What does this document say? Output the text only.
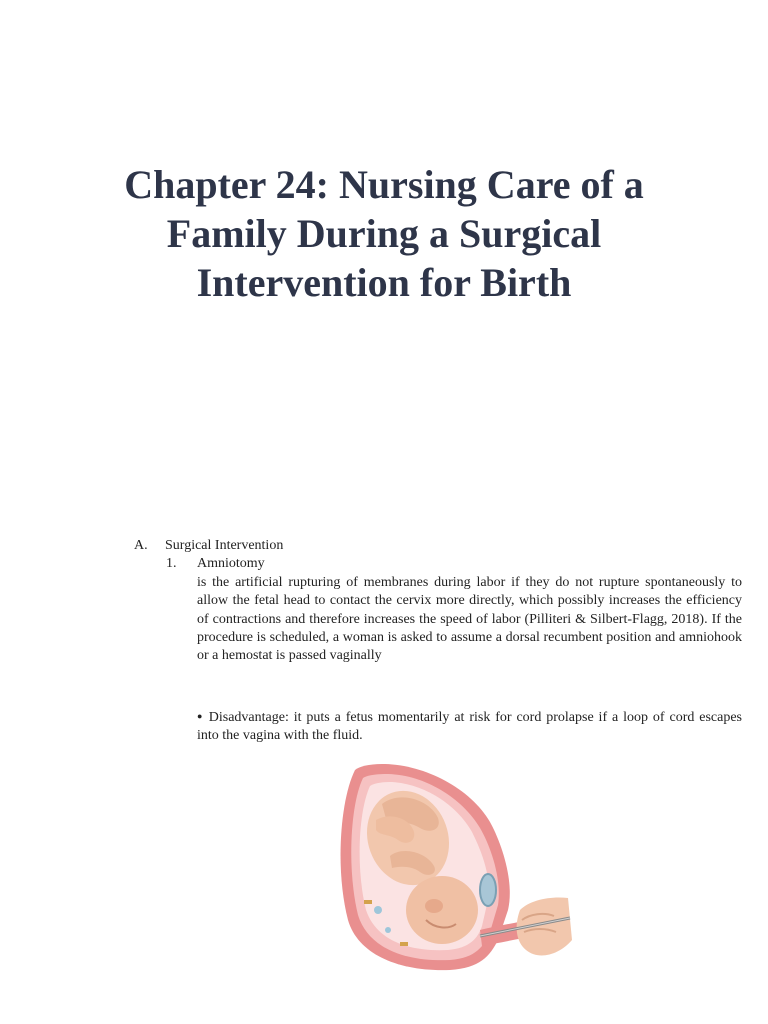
Chapter 24: Nursing Care of a
Family During a Surgical
Intervention for Birth
A. Surgical Intervention
1. Amniotomy
is the artificial rupturing of membranes during labor if they do not rupture spontaneously to allow the fetal head to contact the cervix more directly, which possibly increases the efficiency of contractions and therefore increases the speed of labor (Pilliteri & Silbert-Flagg, 2018). If the procedure is scheduled, a woman is asked to assume a dorsal recumbent position and amniohook or a hemostat is passed vaginally
● Disadvantage: it puts a fetus momentarily at risk for cord prolapse if a loop of cord escapes into the vagina with the fluid.
